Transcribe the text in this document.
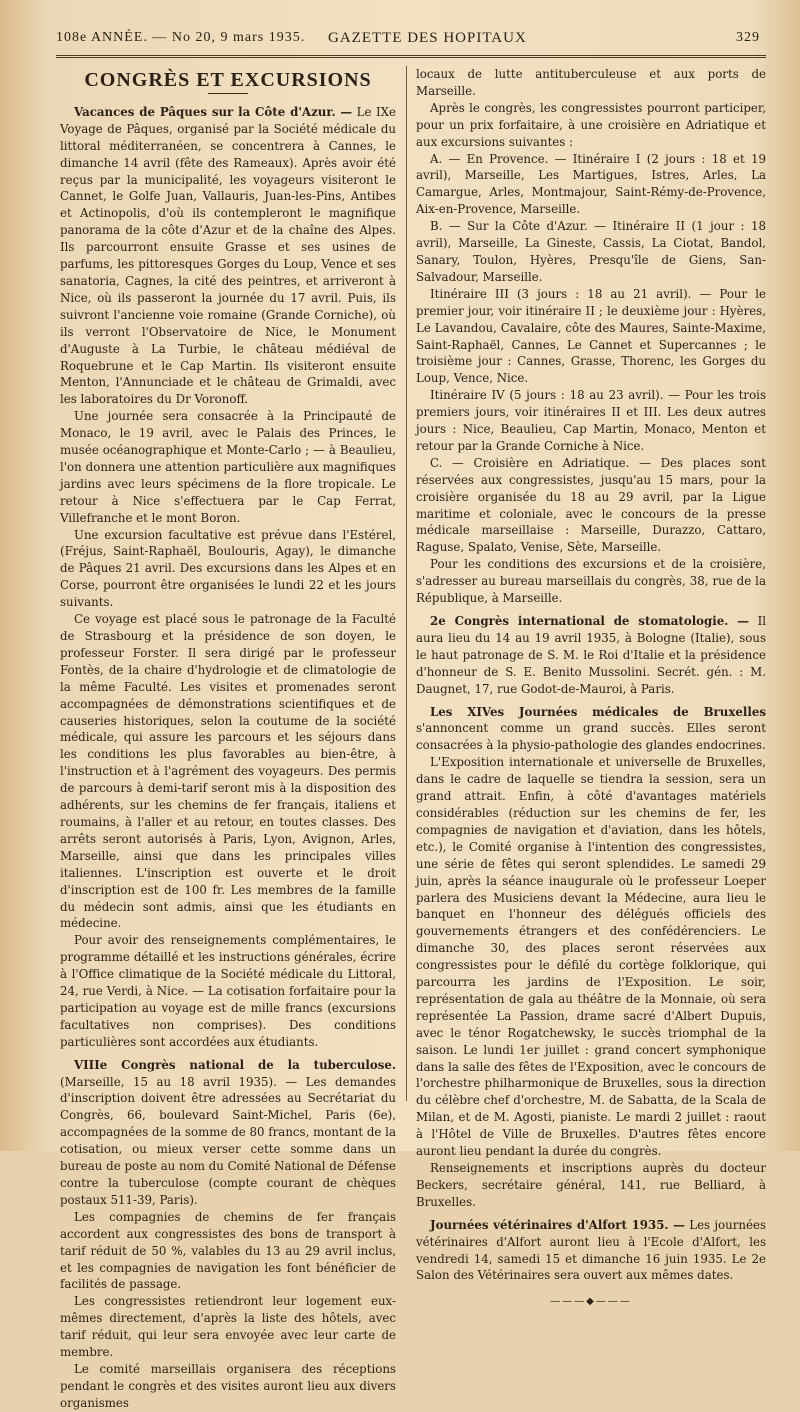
108e ANNÉE. — No 20, 9 mars 1935. GAZETTE DES HOPITAUX	329
CONGRÈS ET EXCURSIONS

Vacances de Pâques sur la Côte d'Azur. — Le IXe Voyage de Pâques, organisé par la Société médicale du littoral méditerranéen, se concentrera à Cannes, le dimanche 14 avril (fête des Rameaux). Après avoir été reçus par la municipalité, les voyageurs visiteront le Cannet, le Golfe Juan, Vallauris, Juan-les-Pins, Antibes et Actinopolis, d'où ils contempleront le magnifique panorama de la côte d'Azur et de la chaîne des Alpes. Ils parcourront ensuite Grasse et ses usines de parfums, les pittoresques Gorges du Loup, Vence et ses sanatoria, Cagnes, la cité des peintres, et arriveront à Nice, où ils passeront la journée du 17 avril. Puis, ils suivront l'ancienne voie romaine (Grande Corniche), où ils verront l'Observatoire de Nice, le Monument d'Auguste à La Turbie, le château médiéval de Roquebrune et le Cap Martin. Ils visiteront ensuite Menton, l'Annunciade et le château de Grimaldi, avec les laboratoires du Dr Voronoff.

Une journée sera consacrée à la Principauté de Monaco, le 19 avril, avec le Palais des Princes, le musée océanographique et Monte-Carlo ; — à Beaulieu, l'on donnera une attention particulière aux magnifiques jardins avec leurs spécimens de la flore tropicale. Le retour à Nice s'effectuera par le Cap Ferrat, Villefranche et le mont Boron.

Une excursion facultative est prévue dans l'Estérel, (Fréjus, Saint-Raphaël, Boulouris, Agay), le dimanche de Pâques 21 avril. Des excursions dans les Alpes et en Corse, pourront être organisées le lundi 22 et les jours suivants.

Ce voyage est placé sous le patronage de la Faculté de Strasbourg et la présidence de son doyen, le professeur Forster. Il sera dirigé par le professeur Fontès, de la chaire d'hydrologie et de climatologie de la même Faculté. Les visites et promenades seront accompagnées de démonstrations scientifiques et de causeries historiques, selon la coutume de la société médicale, qui assure les parcours et les séjours dans les conditions les plus favorables au bien-être, à l'instruction et à l'agrément des voyageurs. Des permis de parcours à demi-tarif seront mis à la disposition des adhérents, sur les chemins de fer français, italiens et roumains, à l'aller et au retour, en toutes classes. Des arrêts seront autorisés à Paris, Lyon, Avignon, Arles, Marseille, ainsi que dans les principales villes italiennes. L'inscription est ouverte et le droit d'inscription est de 100 fr. Les membres de la famille du médecin sont admis, ainsi que les étudiants en médecine.

Pour avoir des renseignements complémentaires, le programme détaillé et les instructions générales, écrire à l'Office climatique de la Société médicale du Littoral, 24, rue Verdi, à Nice. — La cotisation forfaitaire pour la participation au voyage est de mille francs (excursions facultatives non comprises). Des conditions particulières sont accordées aux étudiants.

VIIIe Congrès national de la tuberculose. (Marseille, 15 au 18 avril 1935). — Les demandes d'inscription doivent être adressées au Secrétariat du Congrès, 66, boulevard Saint-Michel, Paris (6e), accompagnées de la somme de 80 francs, montant de la cotisation, ou mieux verser cette somme dans un bureau de poste au nom du Comité National de Défense contre la tuberculose (compte courant de chèques postaux 511-39, Paris).

Les compagnies de chemins de fer français accordent aux congressistes des bons de transport à tarif réduit de 50 %, valables du 13 au 29 avril inclus, et les compagnies de navigation les font bénéficier de facilités de passage.

Les congressistes retiendront leur logement eux-mêmes directement, d'après la liste des hôtels, avec tarif réduit, qui leur sera envoyée avec leur carte de membre.

Le comité marseillais organisera des réceptions pendant le congrès et des visites auront lieu aux divers organismes

locaux de lutte antituberculeuse et aux ports de Marseille.

Après le congrès, les congressistes pourront participer, pour un prix forfaitaire, à une croisière en Adriatique et aux excursions suivantes :

A. — En Provence. — Itinéraire I (2 jours : 18 et 19 avril), Marseille, Les Martigues, Istres, Arles, La Camargue, Arles, Montmajour, Saint-Rémy-de-Provence, Aix-en-Provence, Marseille.

B. — Sur la Côte d'Azur. — Itinéraire II (1 jour : 18 avril), Marseille, La Gineste, Cassis, La Ciotat, Bandol, Sanary, Toulon, Hyères, Presqu'île de Giens, San-Salvadour, Marseille.

Itinéraire III (3 jours : 18 au 21 avril). — Pour le premier jour, voir itinéraire II ; le deuxième jour : Hyères, Le Lavandou, Cavalaire, côte des Maures, Sainte-Maxime, Saint-Raphaël, Cannes, Le Cannet et Supercannes ; le troisième jour : Cannes, Grasse, Thorenc, les Gorges du Loup, Vence, Nice.

Itinéraire IV (5 jours : 18 au 23 avril). — Pour les trois premiers jours, voir itinéraires II et III. Les deux autres jours : Nice, Beaulieu, Cap Martin, Monaco, Menton et retour par la Grande Corniche à Nice.

C. — Croisière en Adriatique. — Des places sont réservées aux congressistes, jusqu'au 15 mars, pour la croisière organisée du 18 au 29 avril, par la Ligue maritime et coloniale, avec le concours de la presse médicale marseillaise : Marseille, Durazzo, Cattaro, Raguse, Spalato, Venise, Sète, Marseille.

Pour les conditions des excursions et de la croisière, s'adresser au bureau marseillais du congrès, 38, rue de la République, à Marseille.

2e Congrès international de stomatologie. — Il aura lieu du 14 au 19 avril 1935, à Bologne (Italie), sous le haut patronage de S. M. le Roi d'Italie et la présidence d'honneur de S. E. Benito Mussolini. Secrét. gén. : M. Daugnet, 17, rue Godot-de-Mauroi, à Paris.

Les XIVes Journées médicales de Bruxelles s'annoncent comme un grand succès. Elles seront consacrées à la physio-pathologie des glandes endocrines.

L'Exposition internationale et universelle de Bruxelles, dans le cadre de laquelle se tiendra la session, sera un grand attrait. Enfin, à côté d'avantages matériels considérables (réduction sur les chemins de fer, les compagnies de navigation et d'aviation, dans les hôtels, etc.), le Comité organise à l'intention des congressistes, une série de fêtes qui seront splendides. Le samedi 29 juin, après la séance inaugurale où le professeur Loeper parlera des Musiciens devant la Médecine, aura lieu le banquet en l'honneur des délégués officiels des gouvernements étrangers et des confédérenciers. Le dimanche 30, des places seront réservées aux congressistes pour le défilé du cortège folklorique, qui parcourra les jardins de l'Exposition. Le soir, représentation de gala au théâtre de la Monnaie, où sera représentée La Passion, drame sacré d'Albert Dupuis, avec le ténor Rogatchewsky, le succès triomphal de la saison. Le lundi 1er juillet : grand concert symphonique dans la salle des fêtes de l'Exposition, avec le concours de l'orchestre philharmonique de Bruxelles, sous la direction du célèbre chef d'orchestre, M. de Sabatta, de la Scala de Milan, et de M. Agosti, pianiste. Le mardi 2 juillet : raout à l'Hôtel de Ville de Bruxelles. D'autres fêtes encore auront lieu pendant la durée du congrès.

Renseignements et inscriptions auprès du docteur Beckers, secrétaire général, 141, rue Belliard, à Bruxelles.

Journées vétérinaires d'Alfort 1935. — Les journées vétérinaires d'Alfort auront lieu à l'Ecole d'Alfort, les vendredi 14, samedi 15 et dimanche 16 juin 1935. Le 2e Salon des Vétérinaires sera ouvert aux mêmes dates.

———◆———
